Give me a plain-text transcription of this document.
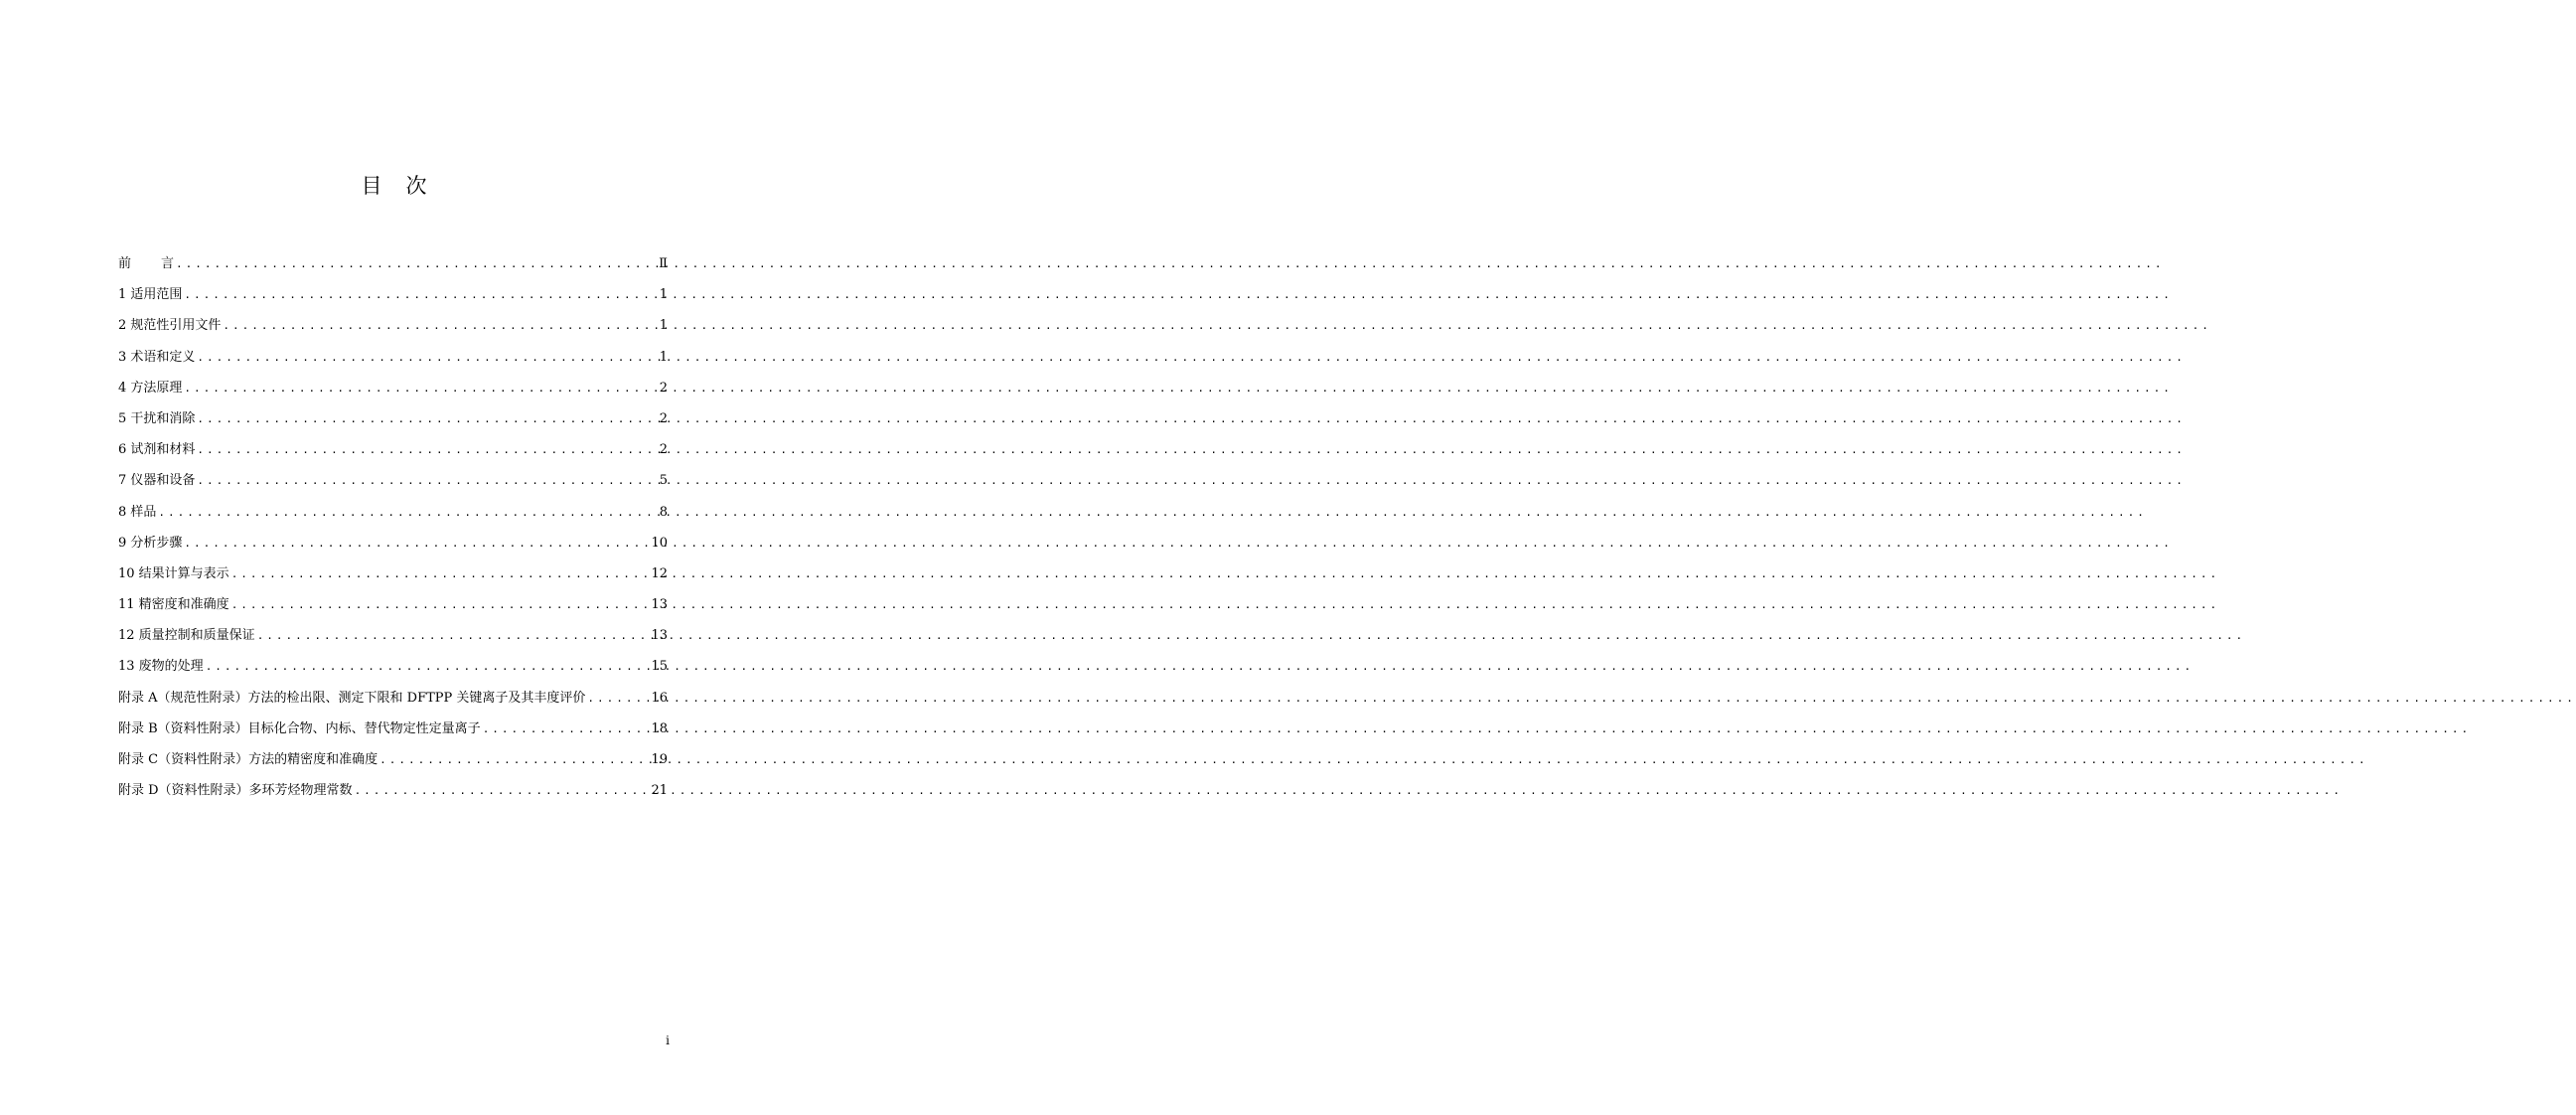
目 次
前 言 .....	Ⅱ
1 适用范围 .....	1
2 规范性引用文件 .....	1
3 术语和定义 .....	1
4 方法原理 .....	2
5 干扰和消除 .....	2
6 试剂和材料 .....	2
7 仪器和设备 .....	5
8 样品 .....	8
9 分析步骤 .....	10
10 结果计算与表示 .....	12
11 精密度和准确度 .....	13
12 质量控制和质量保证 .....	13
13 废物的处理 .....	15
附录 A（规范性附录）方法的检出限、测定下限和 DFTPP 关键离子及其丰度评价 .....	16
附录 B（资料性附录）目标化合物、内标、替代物定性定量离子 .....	18
附录 C（资料性附录）方法的精密度和准确度 .....	19
附录 D（资料性附录）多环芳烃物理常数 .....	21
i
